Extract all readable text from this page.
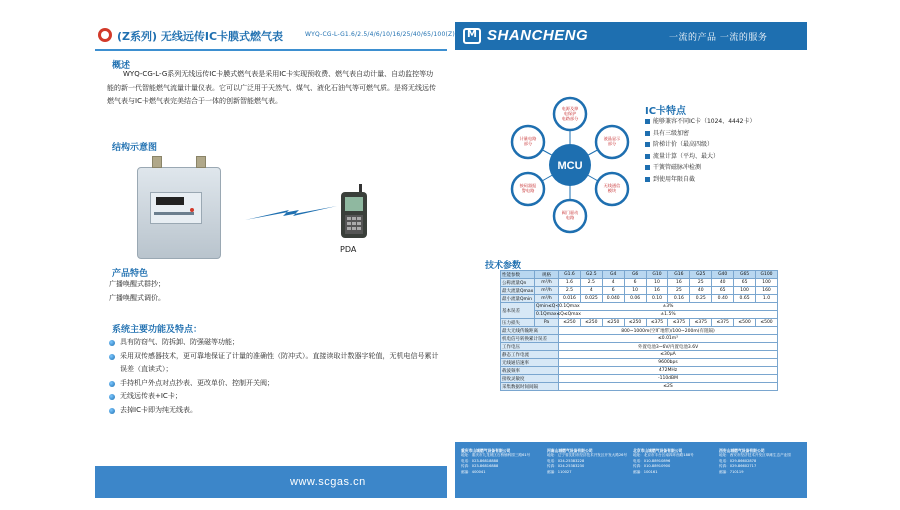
(Z系列) 无线远传IC卡膜式燃气表	WYQ-CG-L-G1.6/2.5/4/6/10/16/25/40/65/100(Z)
概述
WYQ-CG-L-G系列无线远传IC卡膜式燃气表是采用IC卡实现预收费、燃气表自动计量、自动监控等功能的新一代智能燃气流量计量仪表。它可以广泛用于天然气、煤气、液化石油气等可燃气质。是将无线远传燃气表与IC卡燃气表完美结合于一体的创新智能燃气表。
结构示意图
PDA
产品特色
广播唤醒式群抄；
广播唤醒式调价。
系统主要功能及特点：
具有防窃气、防拆卸、防强磁等功能；
采用双传感器技术，更可靠地保证了计量的准确性（防冲式）。直接读取计数器字轮值，无机电信号累计误差（直读式）；
手持机户外点对点抄表、更改单价、控制开关阀；
无线远传表+IC卡；
去掉IC卡即为纯无线表。
www.scgas.cn
M
SHANCHENG	一流的产品 一流的服务
MCU
电源及掉电保护电路部分
液晶显示部分
无线通信模块
阀门驱动电路
接码器报警电路
计量电路部分
IC卡特点
能够兼容不同IC卡（1024、4442卡）
具有三级加密
阶梯计价（最高四级）
流量计算（平均、最大）
干簧管磁脉冲检测
到使用年限自截
技术参数
性能参数	规格	G1.6	G2.5	G4	G6	G10	G16	G25	G40	G65	G100
公称流量Qn	m³/h	1.6	2.5	4	6	10	16	25	40	65	100
最大流量Qmax	m³/h	2.5	4	6	10	16	25	40	65	100	160
最小流量Qmin	m³/h	0.016	0.025	0.040	0.06	0.10	0.16	0.25	0.40	0.65	1.0
基本误差	Qmin≤Q<0.1Qmax	±3%									
	0.1Qmax≤Q≤Qmax	±1.5%									
压力损失	Pa	≤250	≤250	≤250	≤250	≤375	≤375	≤375	≤375	≤500	≤500
最大无线传输距离		800~1000m(空旷地带)/100~200m(有阻隔)									
机电信号转换累计误差		≤0.01m³									
工作电压		外置电池3~6V/内置电池3.6V									
静态工作电流		≤30μA									
无线通信速率		9600bps									
载波频率		472MHz									
接收灵敏度		-110dBM									
采集数据时间间隔		≤2S									
重庆市山城燃气设备有限公司
地址：重庆市九龙坡区石桥铺科园三路61号
电话：023-86818888
传真：023-86816888
邮编：400041
河南山城燃气设备有限公司
地址：辽宁省沈阳市经济技术开发区开发大路26号
电话：024-25383228
传真：024-25383230
邮编：110027
北京市山城燃气设备有限公司
地址：北京市丰台区南四环西路188号
电话：010-88910896
传真：010-88910900
邮编：100161
西安山城燃气设备有限公司
地址：西安市经济技术开发区草滩生态产业园
电话：029-86602878
传真：029-86602717
邮编：710119
